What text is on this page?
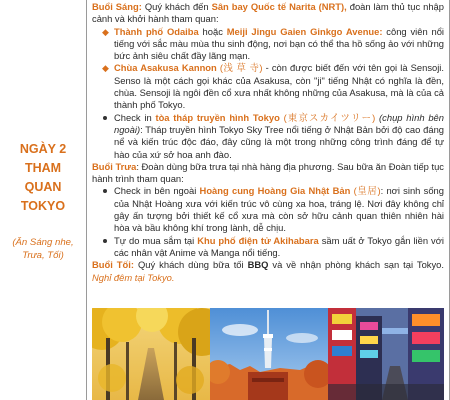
NGÀY 2
THAM
QUAN
TOKYO
(Ăn Sáng nhe,
Trưa, Tối)

Buổi Sáng: Quý khách đến Sân bay Quốc tế Narita (NRT), đoàn làm thủ tục nhập cảnh và khởi hành tham quan:

◆ Thành phố Odaiba hoặc Meiji Jingu Gaien Ginkgo Avenue: công viên nổi tiếng với sắc màu mùa thu sinh động, nơi bạn có thể tha hồ sống ảo với những bức ảnh siêu chất đầy lãng mạn.
◆ Chùa Asakusa Kannon (浅 草 寺) - còn được biết đến với tên gọi là Sensoji. Senso là một cách gọi khác của Asakusa, còn "ji" tiếng Nhật có nghĩa là đền, chùa. Sensoji là ngôi đền cổ xưa nhất không những của Asakusa, mà là của cả thành phố Tokyo.
Check in tòa tháp truyền hình Tokyo (東京スカイツリー) (chụp hình bên ngoài): Tháp truyền hình Tokyo Sky Tree nổi tiếng ở Nhật Bản bởi độ cao đáng nể và kiến trúc độc đáo, đây cũng là một trong những công trình đáng để tự hào của xứ sở hoa anh đào.

Buổi Trưa: Đoàn dùng bữa trưa tại nhà hàng địa phương. Sau bữa ăn Đoàn tiếp tục hành trình tham quan:

Check in bên ngoài Hoàng cung Hoàng Gia Nhật Bản (皇居): nơi sinh sống của Nhật Hoàng xưa với kiến trúc vô cùng xa hoa, tráng lệ. Nơi đây không chỉ gây ấn tượng bởi thiết kế cổ xưa mà còn sở hữu cảnh quan thiên nhiên hài hòa và bầu không khí trong lành, dễ chịu.
Tự do mua sắm tại Khu phố điện tử Akihabara sầm uất ở Tokyo gắn liền với các nhân vật Anime và Manga nổi tiếng.

Buổi Tối: Quý khách dùng bữa tối BBQ và về nhận phòng khách sạn tại Tokyo. Nghỉ đêm tại Tokyo.
